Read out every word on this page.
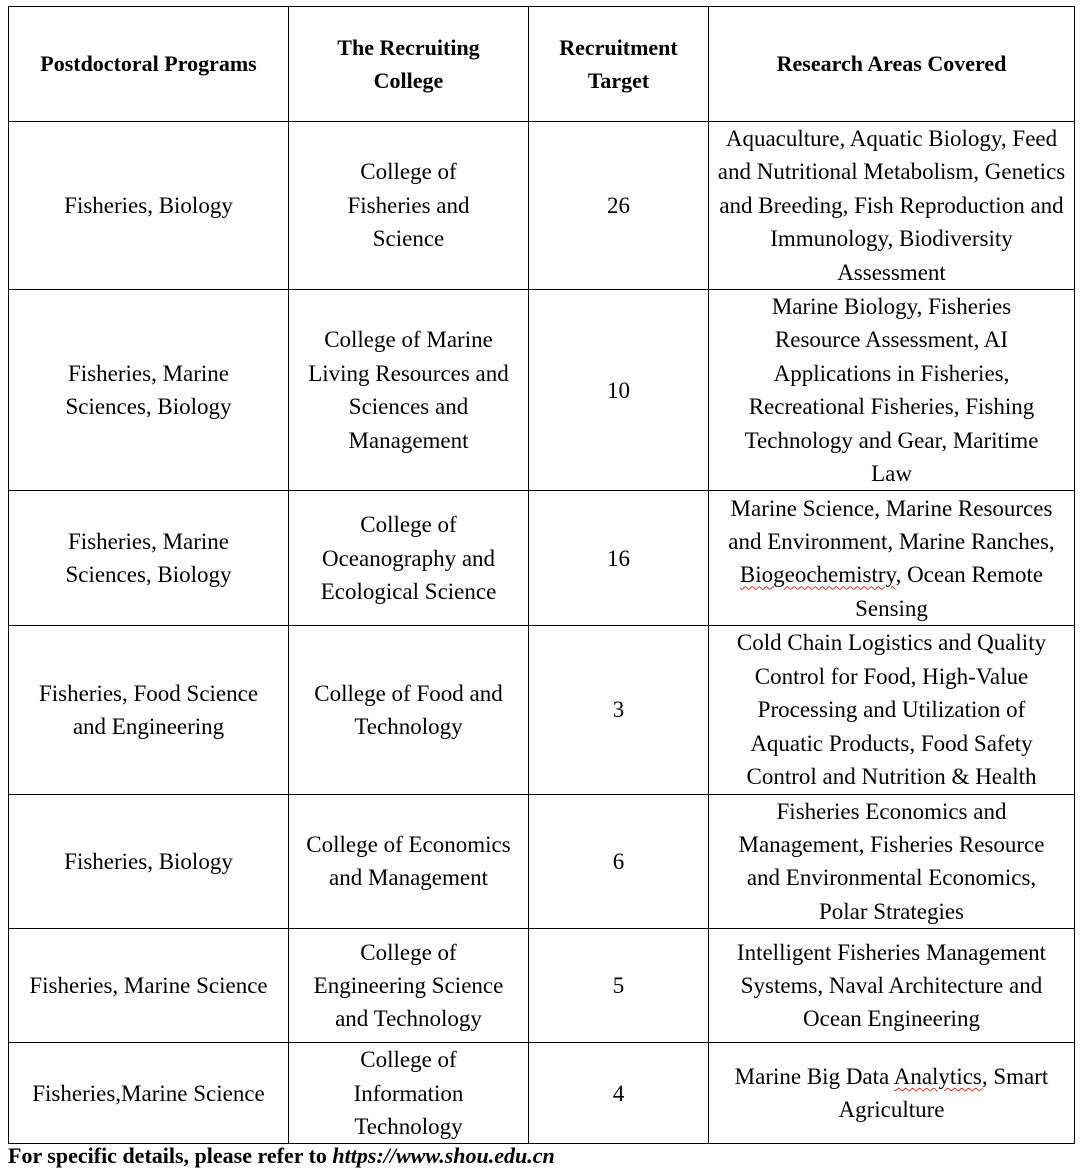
Postdoctoral Programs	The Recruiting College	Recruitment Target	Research Areas Covered
Fisheries, Biology	College of Fisheries and Science	26	Aquaculture, Aquatic Biology, Feed and Nutritional Metabolism, Genetics and Breeding, Fish Reproduction and Immunology, Biodiversity Assessment
Fisheries, Marine Sciences, Biology	College of Marine Living Resources and Sciences and Management	10	Marine Biology, Fisheries Resource Assessment, AI Applications in Fisheries, Recreational Fisheries, Fishing Technology and Gear, Maritime Law
Fisheries, Marine Sciences, Biology	College of Oceanography and Ecological Science	16	Marine Science, Marine Resources and Environment, Marine Ranches, Biogeochemistry, Ocean Remote Sensing
Fisheries, Food Science and Engineering	College of Food and Technology	3	Cold Chain Logistics and Quality Control for Food, High-Value Processing and Utilization of Aquatic Products, Food Safety Control and Nutrition & Health
Fisheries, Biology	College of Economics and Management	6	Fisheries Economics and Management, Fisheries Resource and Environmental Economics, Polar Strategies
Fisheries, Marine Science	College of Engineering Science and Technology	5	Intelligent Fisheries Management Systems, Naval Architecture and Ocean Engineering
Fisheries,Marine Science	College of Information Technology	4	Marine Big Data Analytics, Smart Agriculture
For specific details, please refer to https://www.shou.edu.cn
